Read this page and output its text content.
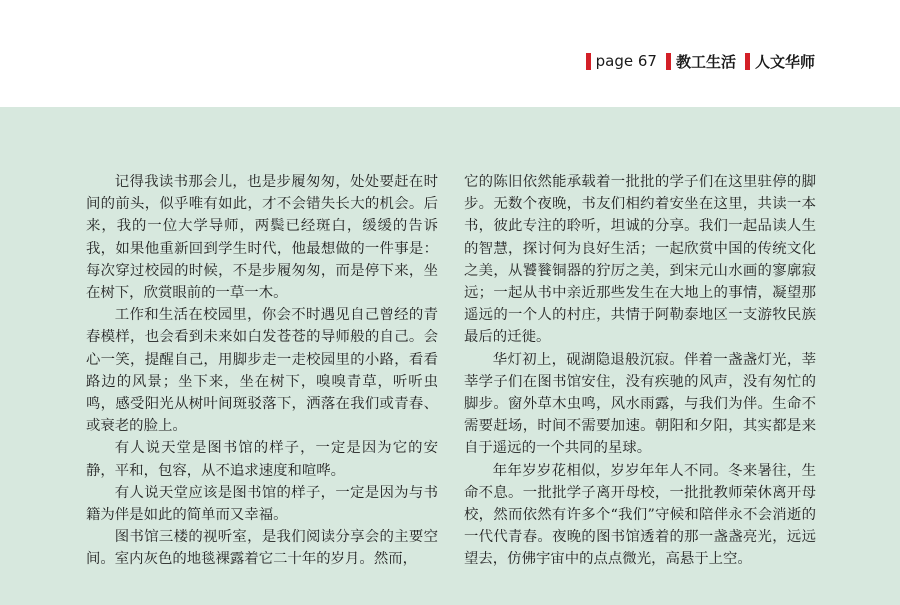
page 67 教工生活 人文华师

记得我读书那会儿，也是步履匆匆，处处要赶在时间的前头，似乎唯有如此，才不会错失长大的机会。后来，我的一位大学导师，两鬓已经斑白，缓缓的告诉我，如果他重新回到学生时代，他最想做的一件事是：每次穿过校园的时候，不是步履匆匆，而是停下来，坐在树下，欣赏眼前的一草一木。

工作和生活在校园里，你会不时遇见自己曾经的青春模样，也会看到未来如白发苍苍的导师般的自己。会心一笑，提醒自己，用脚步走一走校园里的小路，看看路边的风景；坐下来，坐在树下，嗅嗅青草，听听虫鸣，感受阳光从树叶间斑驳落下，洒落在我们或青春、或衰老的脸上。

有人说天堂是图书馆的样子，一定是因为它的安静，平和，包容，从不追求速度和喧哗。

有人说天堂应该是图书馆的样子，一定是因为与书籍为伴是如此的简单而又幸福。

图书馆三楼的视听室，是我们阅读分享会的主要空间。室内灰色的地毯裸露着它二十年的岁月。然而，

它的陈旧依然能承载着一批批的学子们在这里驻停的脚步。无数个夜晚，书友们相约着安坐在这里，共读一本书，彼此专注的聆听，坦诚的分享。我们一起品读人生的智慧，探讨何为良好生活；一起欣赏中国的传统文化之美，从饕餮铜器的狞厉之美，到宋元山水画的寥廓寂远；一起从书中亲近那些发生在大地上的事情，凝望那遥远的一个人的村庄，共情于阿勒泰地区一支游牧民族最后的迁徙。

华灯初上，砚湖隐退般沉寂。伴着一盏盏灯光，莘莘学子们在图书馆安住，没有疾驰的风声，没有匆忙的脚步。窗外草木虫鸣，风水雨露，与我们为伴。生命不需要赶场，时间不需要加速。朝阳和夕阳，其实都是来自于遥远的一个共同的星球。

年年岁岁花相似，岁岁年年人不同。冬来暑往，生命不息。一批批学子离开母校，一批批教师荣休离开母校，然而依然有许多个“我们”守候和陪伴永不会消逝的一代代青春。夜晚的图书馆透着的那一盏盏亮光，远远望去，仿佛宇宙中的点点微光，高悬于上空。
